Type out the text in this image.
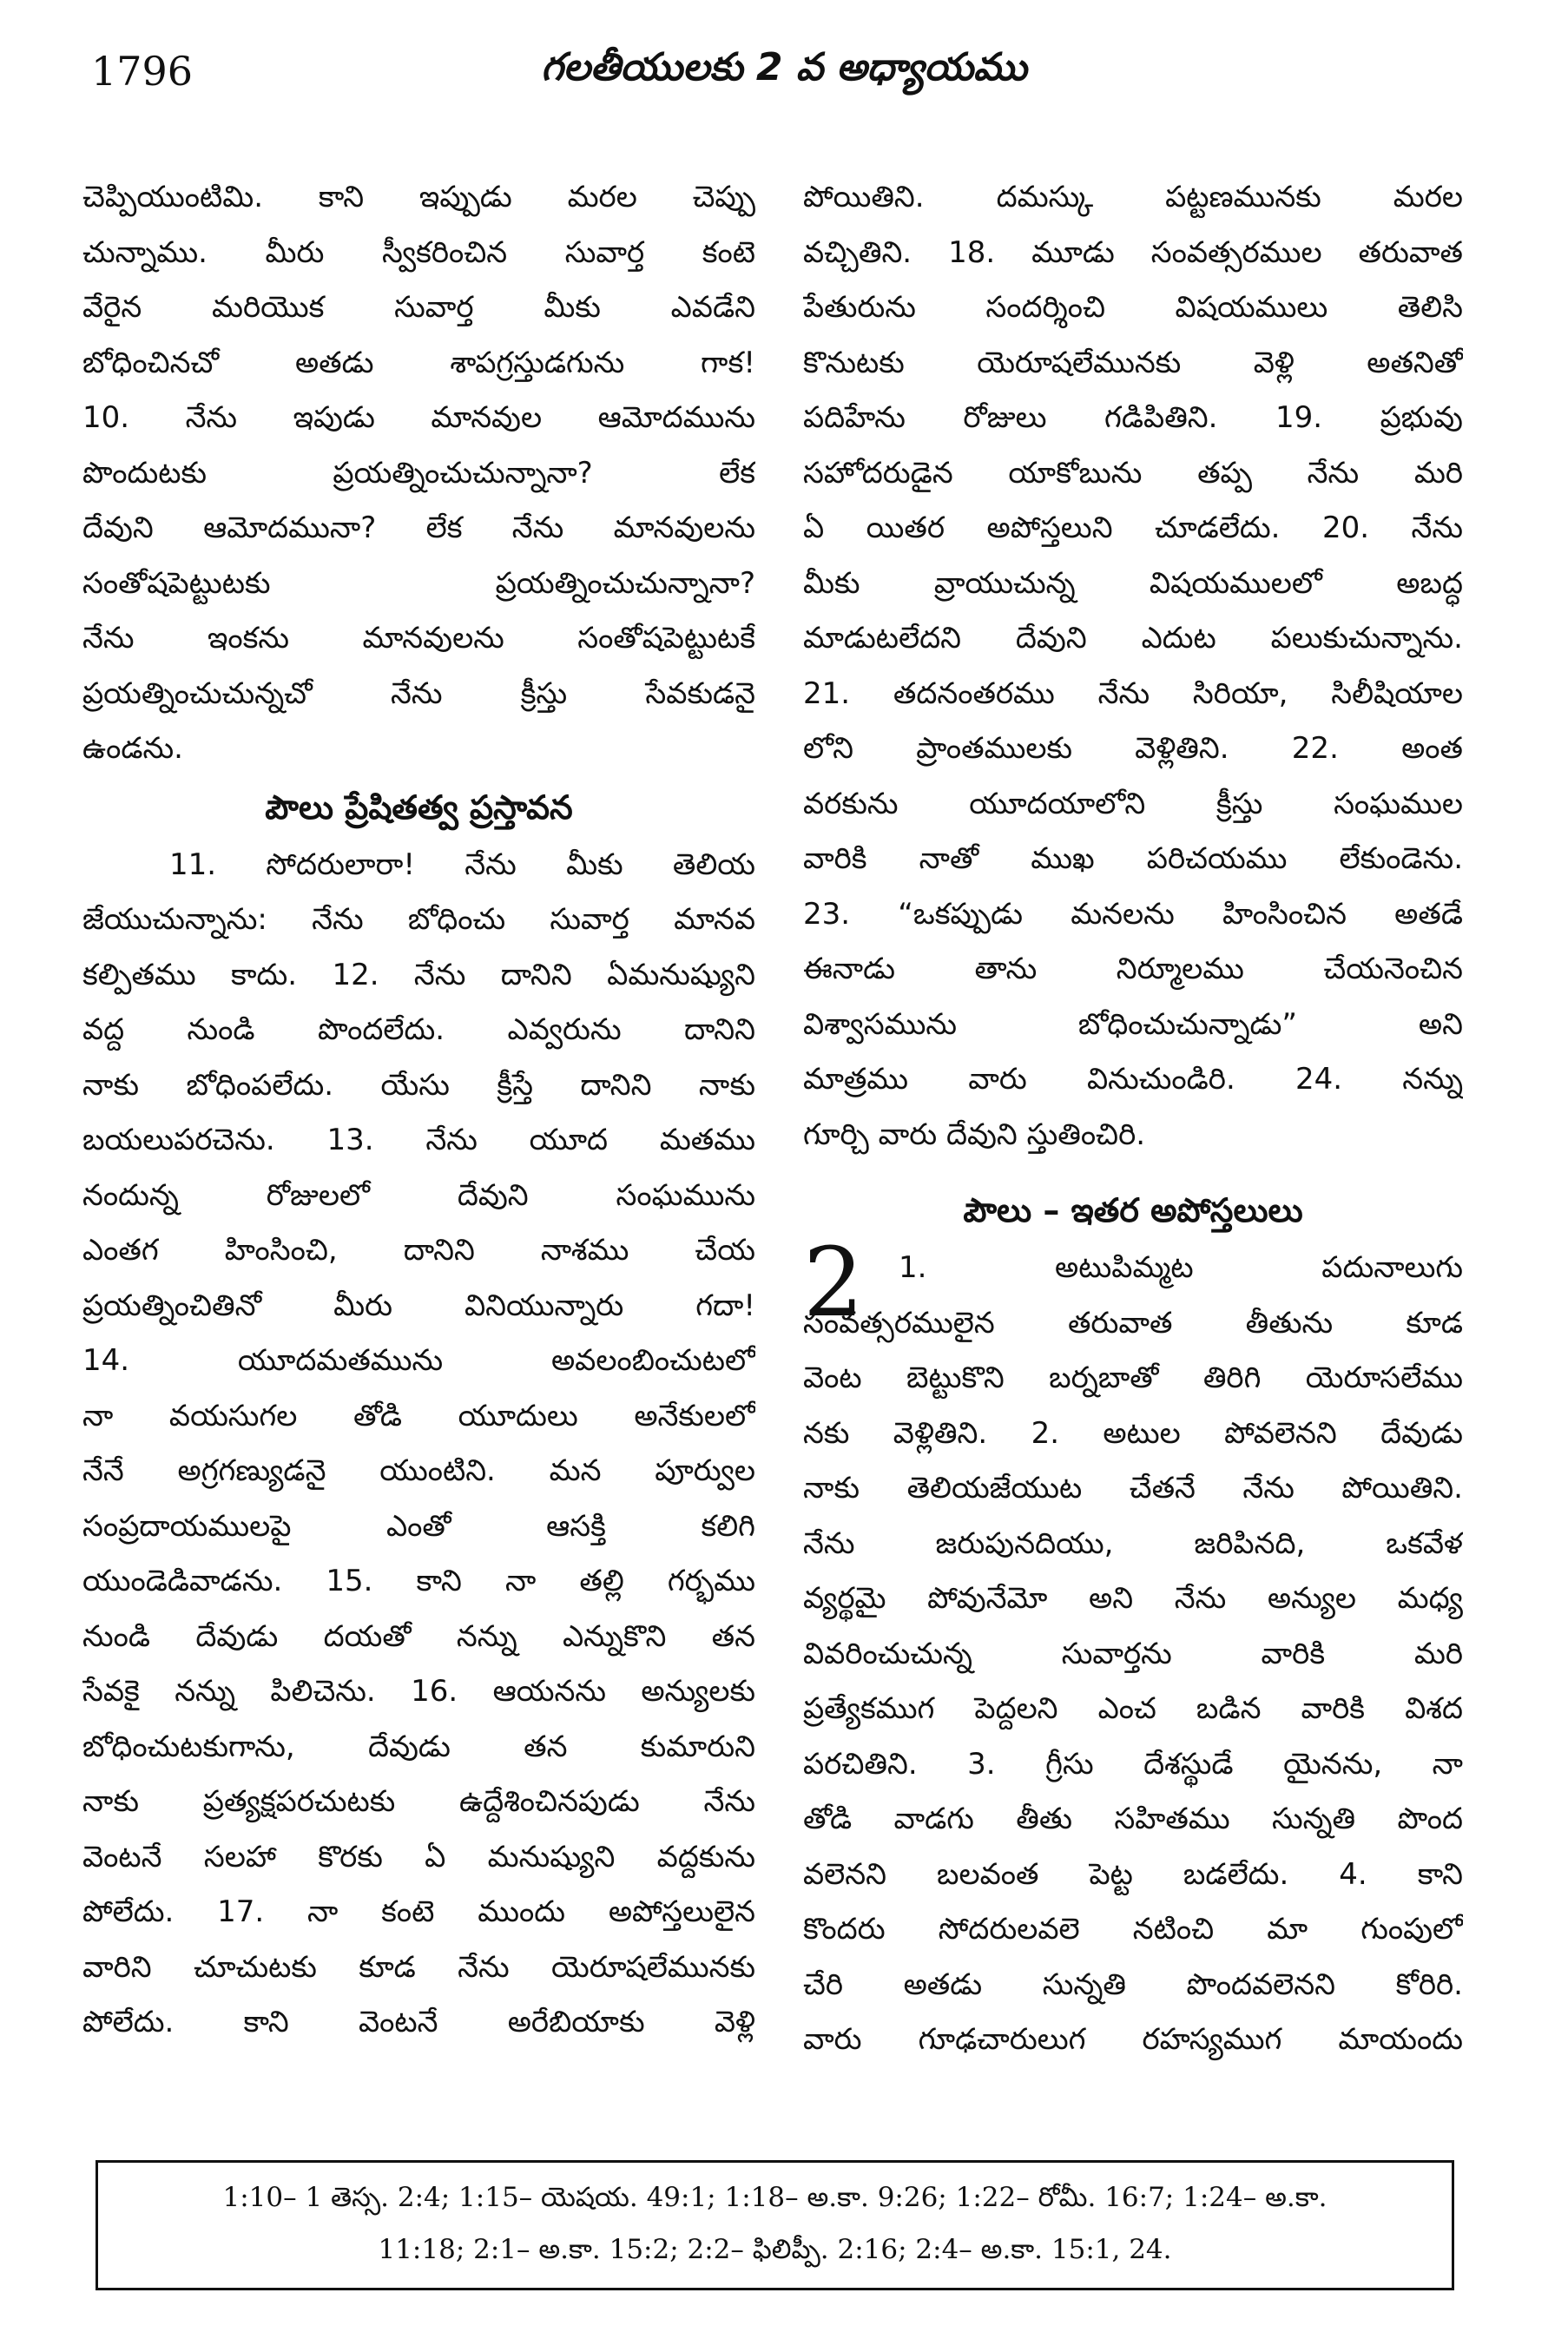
1796	గలతీయులకు 2 వ అధ్యాయము
చెప్పియుంటిమి. కాని ఇప్పుడు మరల చెప్పు
చున్నాము. మీరు స్వీకరించిన సువార్త కంటె
వేరైన మరియొక సువార్త మీకు ఎవడేని
బోధించినచో అతడు శాపగ్రస్తుడగును గాక!
10. నేను ఇపుడు మానవుల ఆమోదమును
పొందుటకు ప్రయత్నించుచున్నానా? లేక
దేవుని ఆమోదమునా? లేక నేను మానవులను
సంతోషపెట్టుటకు ప్రయత్నించుచున్నానా?
నేను ఇంకను మానవులను సంతోషపెట్టుటకే
ప్రయత్నించుచున్నచో నేను క్రీస్తు సేవకుడనై
ఉండను.
పౌలు ప్రేషితత్వ ప్రస్తావన
11. సోదరులారా! నేను మీకు తెలియ
జేయుచున్నాను: నేను బోధించు సువార్త మానవ
కల్పితము కాదు. 12. నేను దానిని ఏమనుష్యుని
వద్ద నుండి పొందలేదు. ఎవ్వరును దానిని
నాకు బోధింపలేదు. యేసు క్రీస్తే దానిని నాకు
బయలుపరచెను. 13. నేను యూద మతము
నందున్న రోజులలో దేవుని సంఘమును
ఎంతగ హింసించి, దానిని నాశము చేయ
ప్రయత్నించితినో మీరు వినియున్నారు గదా!
14. యూదమతమును అవలంబించుటలో
నా వయసుగల తోడి యూదులు అనేకులలో
నేనే అగ్రగణ్యుడనై యుంటిని. మన పూర్వుల
సంప్రదాయములపై ఎంతో ఆసక్తి కలిగి
యుండెడివాడను. 15. కాని నా తల్లి గర్భము
నుండి దేవుడు దయతో నన్ను ఎన్నుకొని తన
సేవకై నన్ను పిలిచెను. 16. ఆయనను అన్యులకు
బోధించుటకుగాను, దేవుడు తన కుమారుని
నాకు ప్రత్యక్షపరచుటకు ఉద్దేశించినపుడు నేను
వెంటనే సలహా కొరకు ఏ మనుష్యుని వద్దకును
పోలేదు. 17. నా కంటె ముందు అపోస్తలులైన
వారిని చూచుటకు కూడ నేను యెరూషలేమునకు
పోలేదు. కాని వెంటనే అరేబియాకు వెళ్లి
పోయితిని. దమస్కు పట్టణమునకు మరల
వచ్చితిని. 18. మూడు సంవత్సరముల తరువాత
పేతురును సందర్శించి విషయములు తెలిసి
కొనుటకు యెరూషలేమునకు వెళ్లి అతనితో
పదిహేను రోజులు గడిపితిని. 19. ప్రభువు
సహోదరుడైన యాకోబును తప్ప నేను మరి
ఏ యితర అపోస్తలుని చూడలేదు. 20. నేను
మీకు వ్రాయుచున్న విషయములలో అబద్ధ
మాడుటలేదని దేవుని ఎదుట పలుకుచున్నాను.
21. తదనంతరము నేను సిరియా, సిలీషియాల
లోని ప్రాంతములకు వెళ్లితిని. 22. అంత
వరకును యూదయాలోని క్రీస్తు సంఘముల
వారికి నాతో ముఖ పరిచయము లేకుండెను.
23. “ఒకప్పుడు మనలను హింసించిన అతడే
ఈనాడు తాను నిర్మూలము చేయనెంచిన
విశ్వాసమును బోధించుచున్నాడు” అని
మాత్రము వారు వినుచుండిరి. 24. నన్ను
గూర్చి వారు దేవుని స్తుతించిరి.
పౌలు – ఇతర అపోస్తలులు
2	1. అటుపిమ్మట పదునాలుగు
సంవత్సరములైన తరువాత తీతును కూడ
వెంట బెట్టుకొని బర్నబాతో తిరిగి యెరూసలేము
నకు వెళ్లితిని. 2. అటుల పోవలెనని దేవుడు
నాకు తెలియజేయుట చేతనే నేను పోయితిని.
నేను జరుపునదియు, జరిపినది, ఒకవేళ
వ్యర్థమై పోవునేమో అని నేను అన్యుల మధ్య
వివరించుచున్న సువార్తను వారికి మరి
ప్రత్యేకముగ పెద్దలని ఎంచ బడిన వారికి విశద
పరచితిని. 3. గ్రీసు దేశస్థుడే యైనను, నా
తోడి వాడగు తీతు సహితము సున్నతి పొంద
వలెనని బలవంత పెట్ట బడలేదు. 4. కాని
కొందరు సోదరులవలె నటించి మా గుంపులో
చేరి అతడు సున్నతి పొందవలెనని కోరిరి.
వారు గూఢచారులుగ రహస్యముగ మాయందు
1:10– 1 తెస్స. 2:4; 1:15– యెషయ. 49:1; 1:18– అ.కా. 9:26; 1:22– రోమీ. 16:7; 1:24– అ.కా.
11:18; 2:1– అ.కా. 15:2; 2:2– ఫిలిప్పీ. 2:16; 2:4– అ.కా. 15:1, 24.
